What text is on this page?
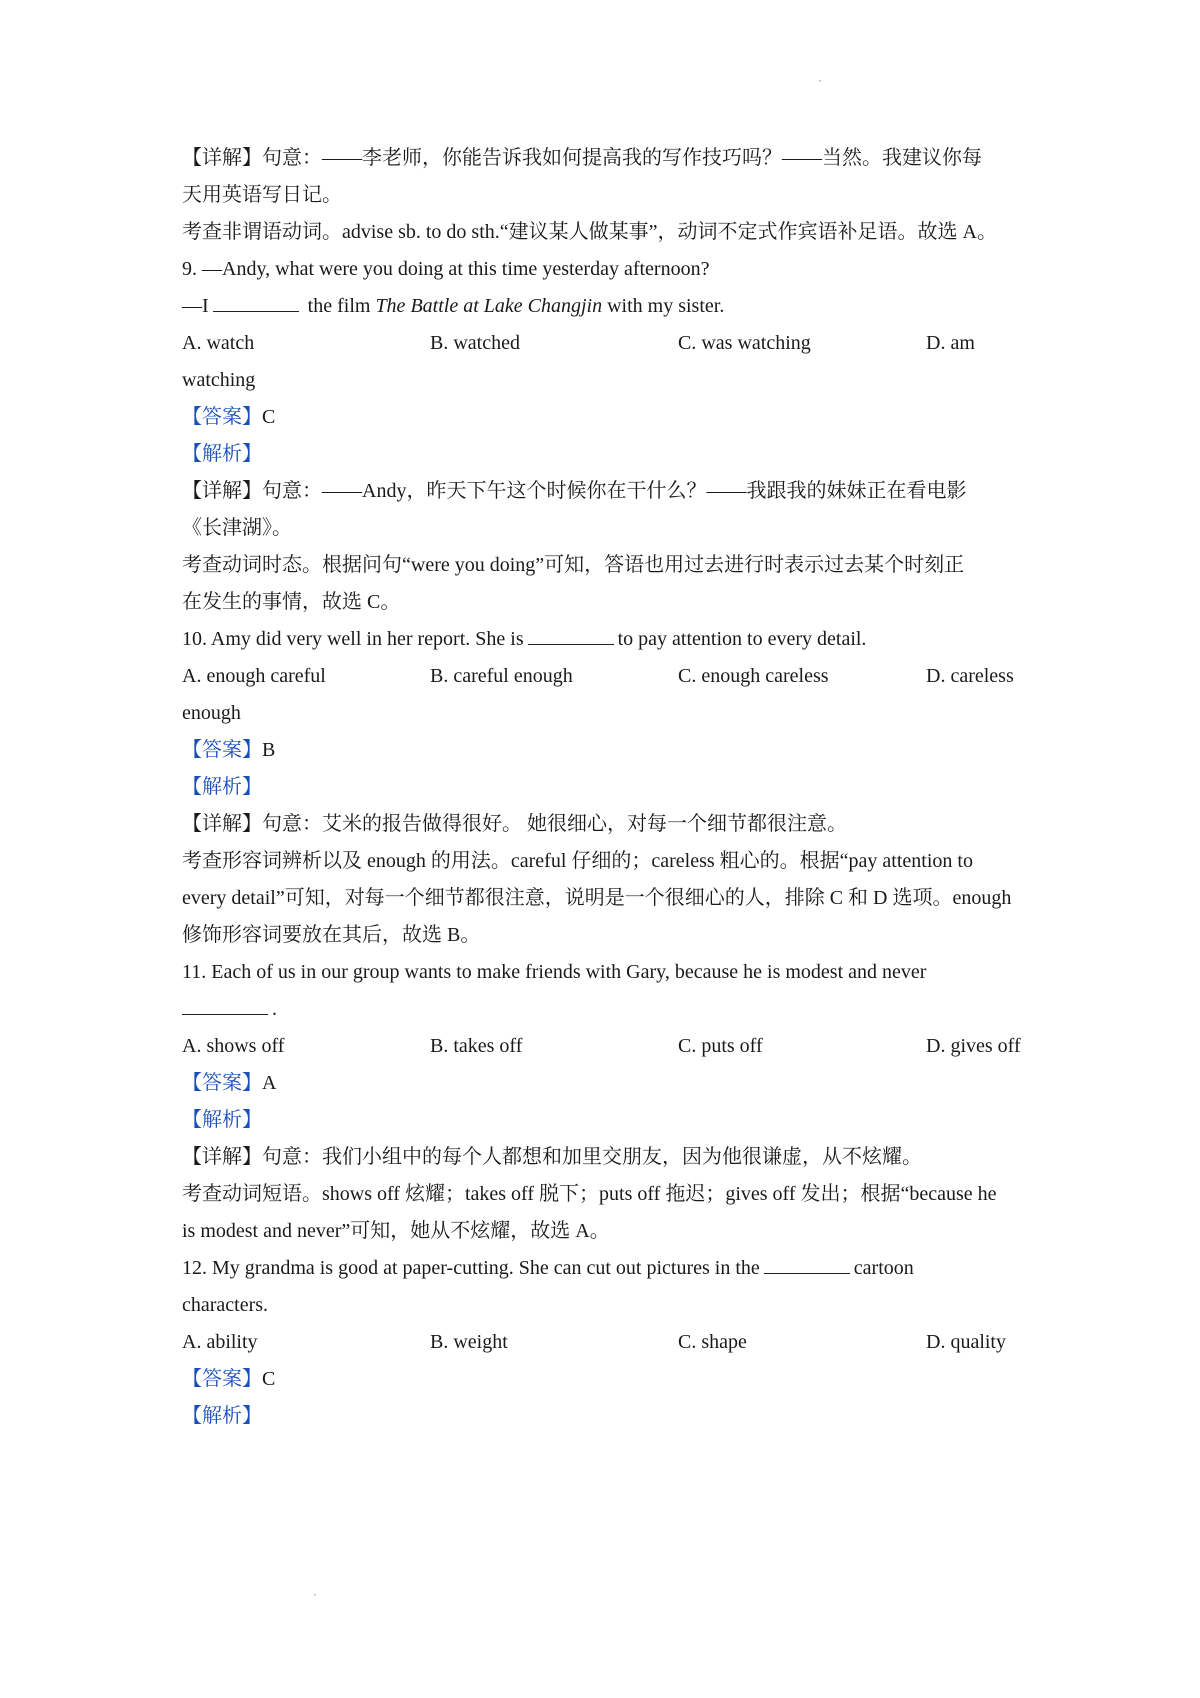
·
【详解】句意：——李老师，你能告诉我如何提高我的写作技巧吗？——当然。我建议你每
天用英语写日记。
考查非谓语动词。advise sb. to do sth.“建议某人做某事”，动词不定式作宾语补足语。故选 A。
9. —Andy, what were you doing at this time yesterday afternoon?
—I	the film The Battle at Lake Changjin with my sister.
A. watch	B. watched	C. was watching	D. am
watching
【答案】C
【解析】
【详解】句意：——Andy，昨天下午这个时候你在干什么？——我跟我的妹妹正在看电影
《长津湖》。
考查动词时态。根据问句“were you doing”可知，答语也用过去进行时表示过去某个时刻正
在发生的事情，故选 C。
10. Amy did very well in her report. She is	to pay attention to every detail.
A. enough careful	B. careful enough	C. enough careless	D. careless
enough
【答案】B
【解析】
【详解】句意：艾米的报告做得很好。 她很细心，对每一个细节都很注意。
考查形容词辨析以及 enough 的用法。careful 仔细的；careless 粗心的。根据“pay attention to
every detail”可知，对每一个细节都很注意，说明是一个很细心的人，排除 C 和 D 选项。enough
修饰形容词要放在其后，故选 B。
11. Each of us in our group wants to make friends with Gary, because he is modest and never
.
A. shows off	B. takes off	C. puts off	D. gives off
【答案】A
【解析】
【详解】句意：我们小组中的每个人都想和加里交朋友，因为他很谦虚，从不炫耀。
考查动词短语。shows off 炫耀；takes off 脱下；puts off 拖迟；gives off 发出；根据“because he
is modest and never”可知，她从不炫耀，故选 A。
12. My grandma is good at paper-cutting. She can cut out pictures in the	cartoon
characters.
A. ability	B. weight	C. shape	D. quality
【答案】C
【解析】
·
